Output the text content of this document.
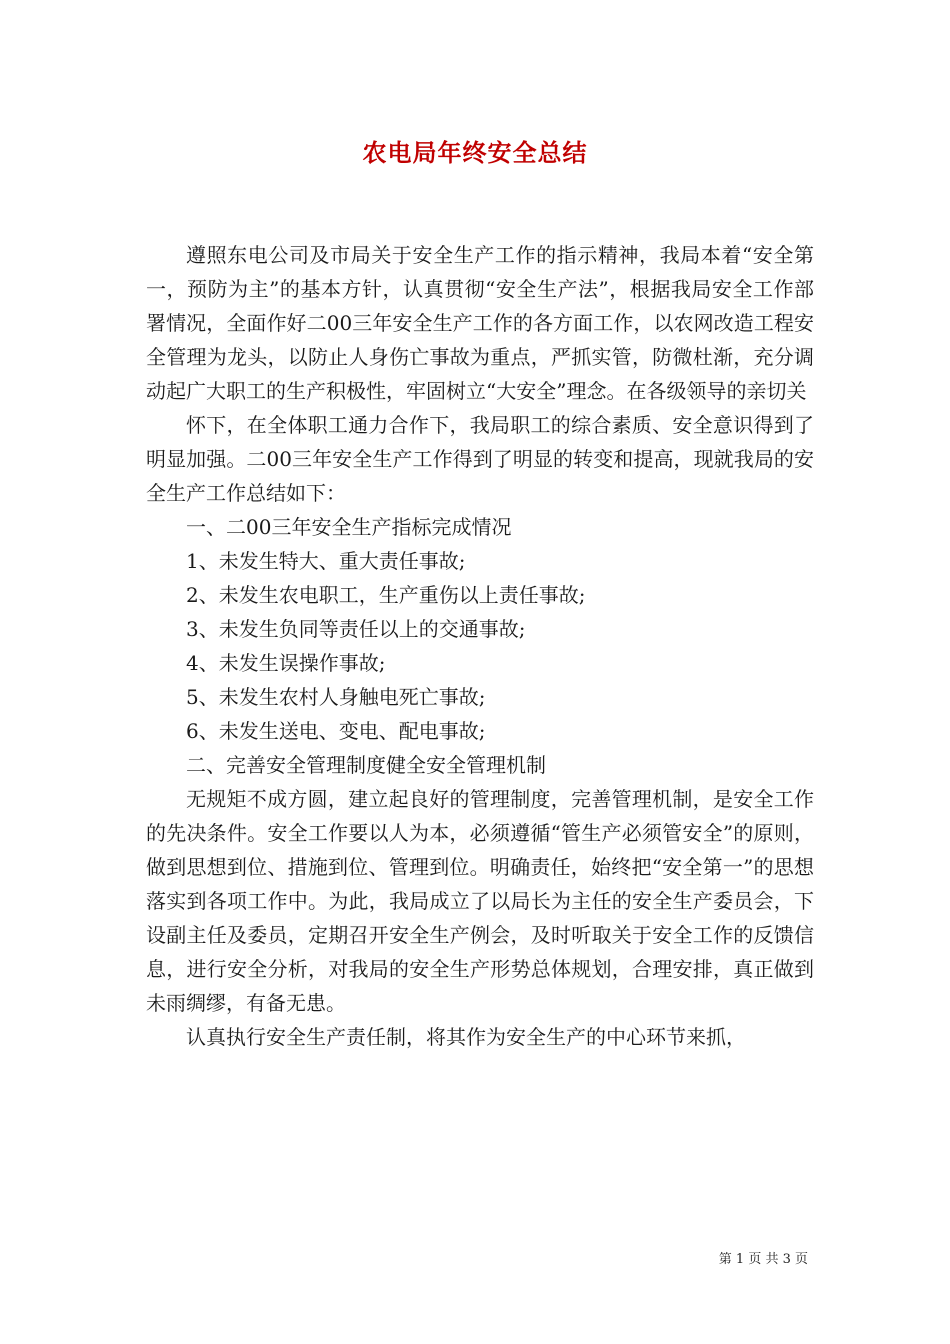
农电局年终安全总结

遵照东电公司及市局关于安全生产工作的指示精神，我局本着“安全第一，预防为主”的基本方针，认真贯彻“安全生产法”，根据我局安全工作部署情况，全面作好二00三年安全生产工作的各方面工作，以农网改造工程安全管理为龙头，以防止人身伤亡事故为重点，严抓实管，防微杜渐，充分调动起广大职工的生产积极性，牢固树立“大安全”理念。在各级领导的亲切关

怀下，在全体职工通力合作下，我局职工的综合素质、安全意识得到了明显加强。二00三年安全生产工作得到了明显的转变和提高，现就我局的安全生产工作总结如下：

一、二00三年安全生产指标完成情况

1、未发生特大、重大责任事故;

2、未发生农电职工，生产重伤以上责任事故;

3、未发生负同等责任以上的交通事故;

4、未发生误操作事故;

5、未发生农村人身触电死亡事故;

6、未发生送电、变电、配电事故;

二、完善安全管理制度健全安全管理机制

无规矩不成方圆，建立起良好的管理制度，完善管理机制，是安全工作的先决条件。安全工作要以人为本，必须遵循“管生产必须管安全”的原则，做到思想到位、措施到位、管理到位。明确责任，始终把“安全第一”的思想落实到各项工作中。为此，我局成立了以局长为主任的安全生产委员会，下设副主任及委员，定期召开安全生产例会，及时听取关于安全工作的反馈信息，进行安全分析，对我局的安全生产形势总体规划，合理安排，真正做到未雨绸缪，有备无患。

认真执行安全生产责任制，将其作为安全生产的中心环节来抓，

第 1 页 共 3 页
